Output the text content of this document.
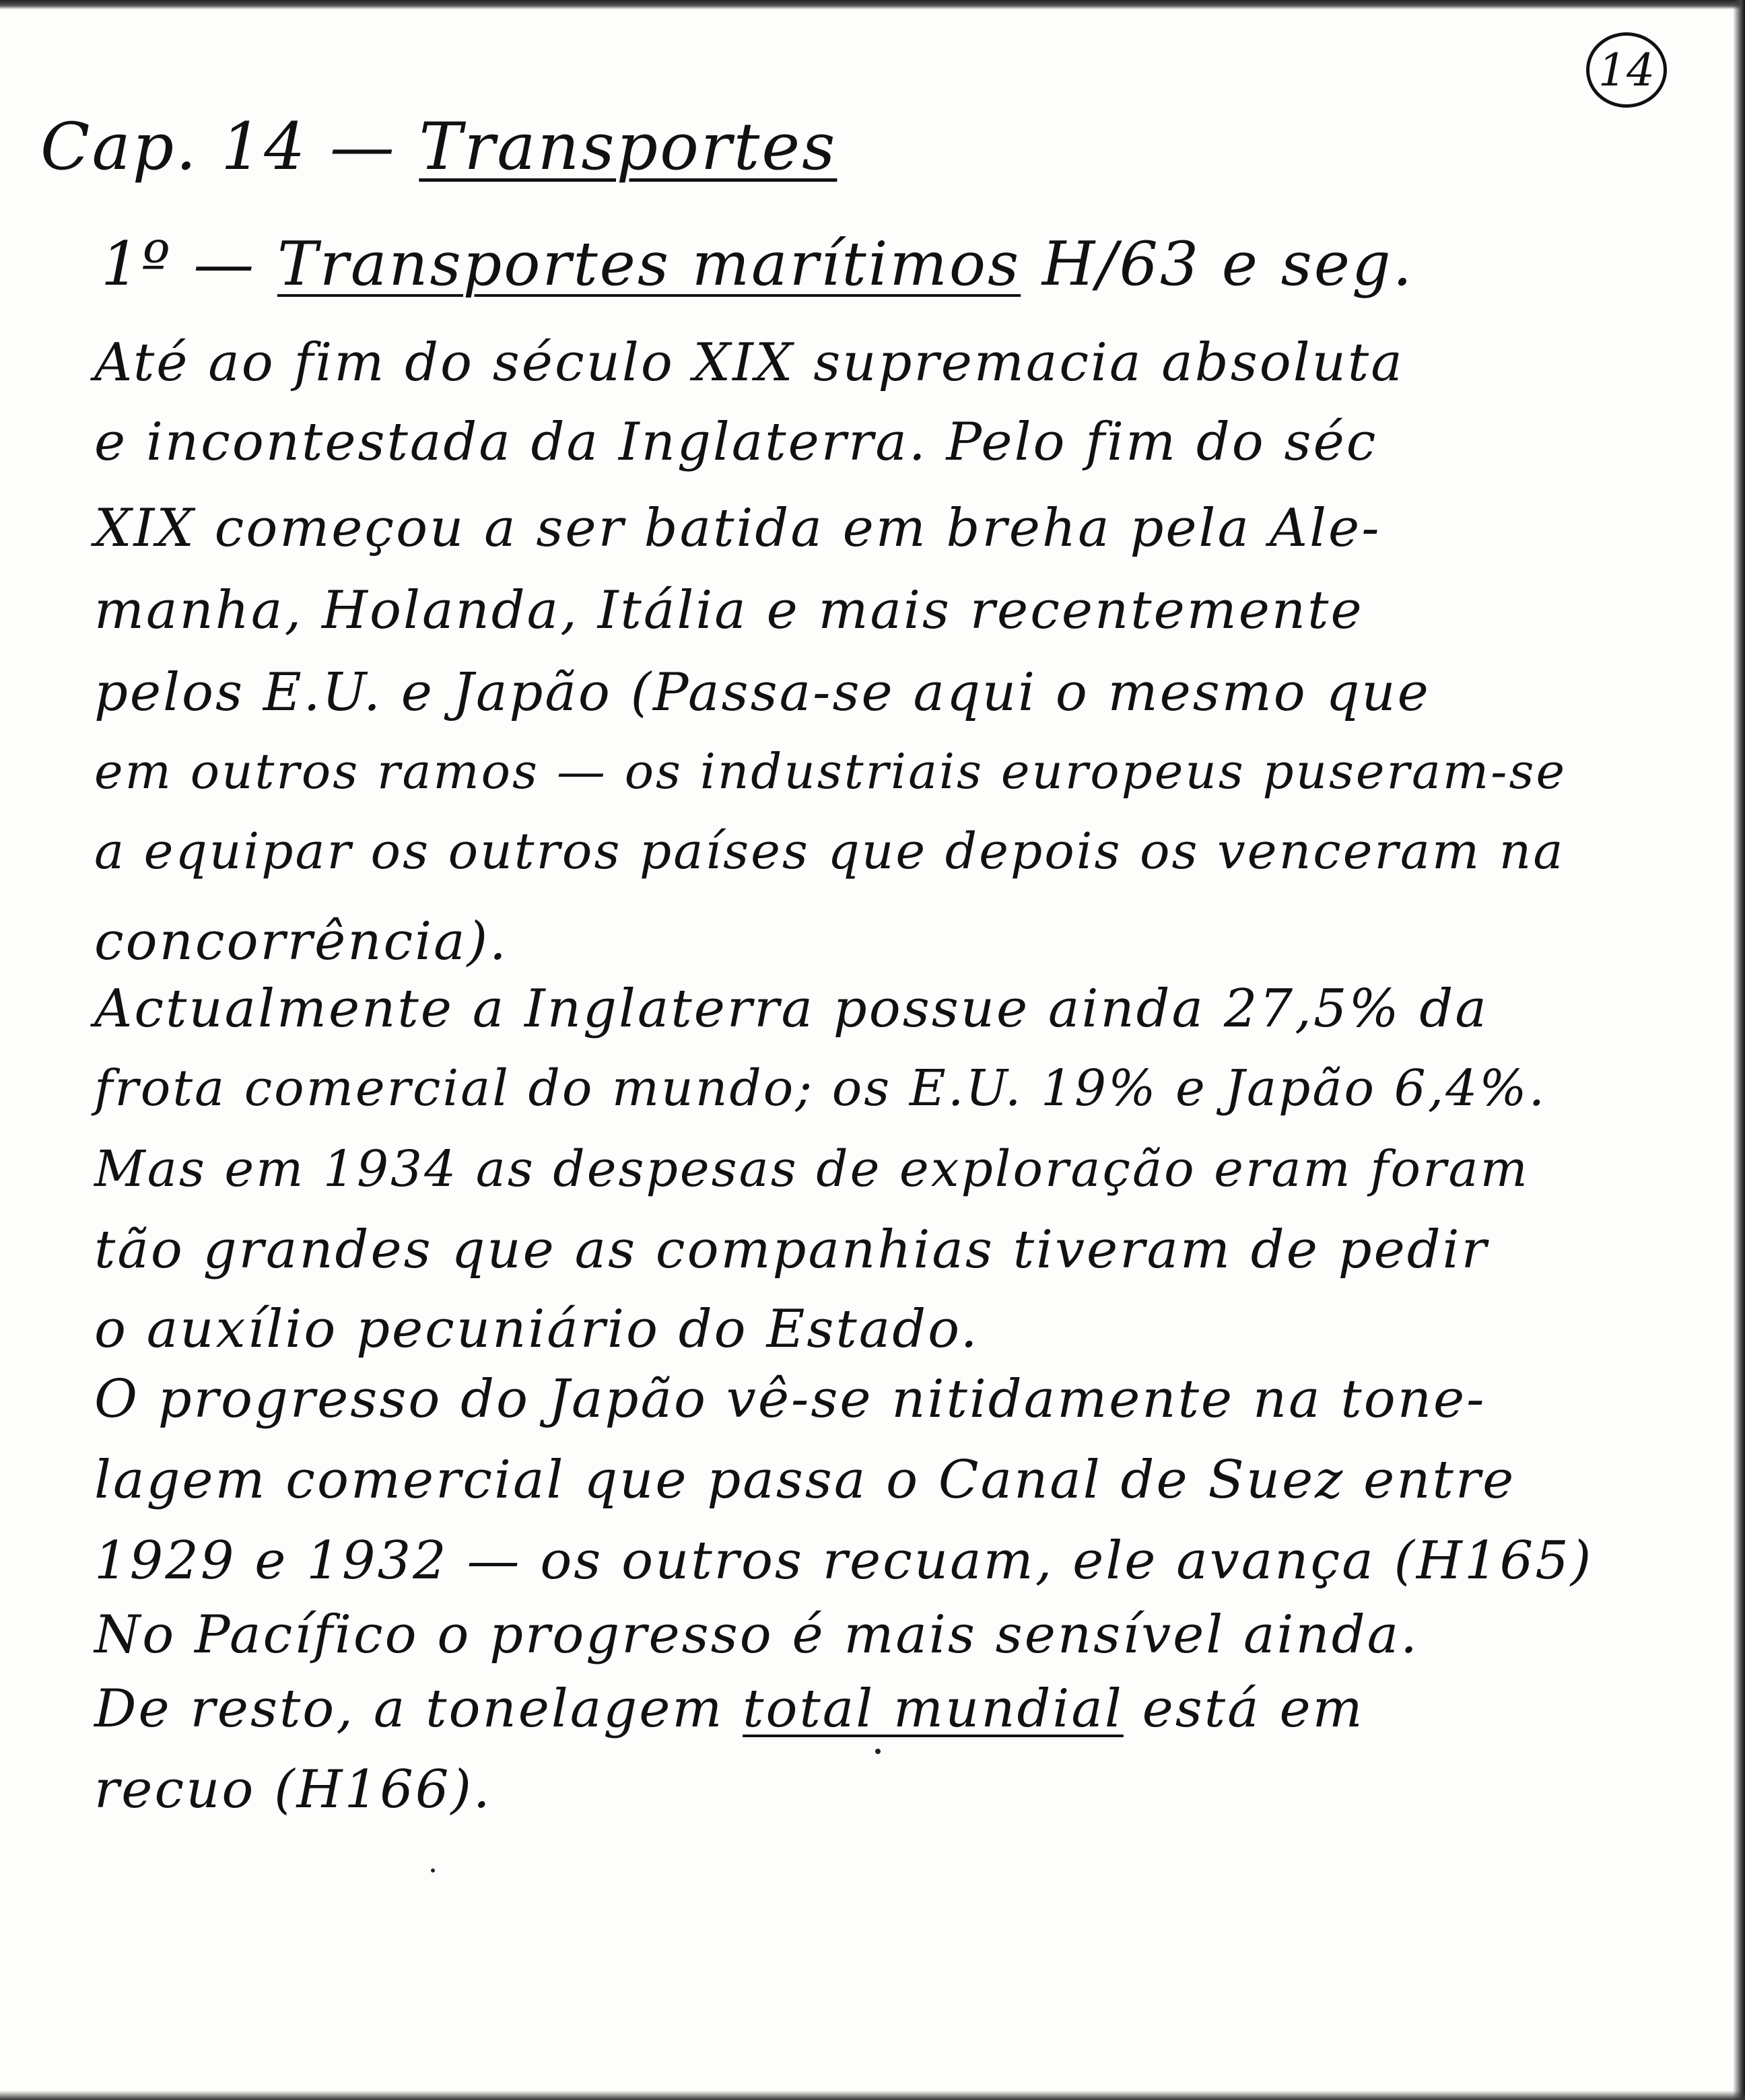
14
Cap. 14 — Transportes
1º — Transportes marítimos H/63 e seg.
Até ao fim do século XIX supremacia absoluta
e incontestada da Inglaterra. Pelo fim do séc
XIX começou a ser batida em breha pela Ale-
manha, Holanda, Itália e mais recentemente
pelos E.U. e Japão (Passa-se aqui o mesmo que
em outros ramos — os industriais europeus puseram-se
a equipar os outros países que depois os venceram na
concorrência).
Actualmente a Inglaterra possue ainda 27,5% da
frota comercial do mundo; os E.U. 19% e Japão 6,4%.
Mas em 1934 as despesas de exploração eram foram
tão grandes que as companhias tiveram de pedir
o auxílio pecuniário do Estado.
O progresso do Japão vê-se nitidamente na tone-
lagem comercial que passa o Canal de Suez entre
1929 e 1932 — os outros recuam, ele avança (H165)
No Pacífico o progresso é mais sensível ainda.
De resto, a tonelagem total mundial está em
recuo (H166).
